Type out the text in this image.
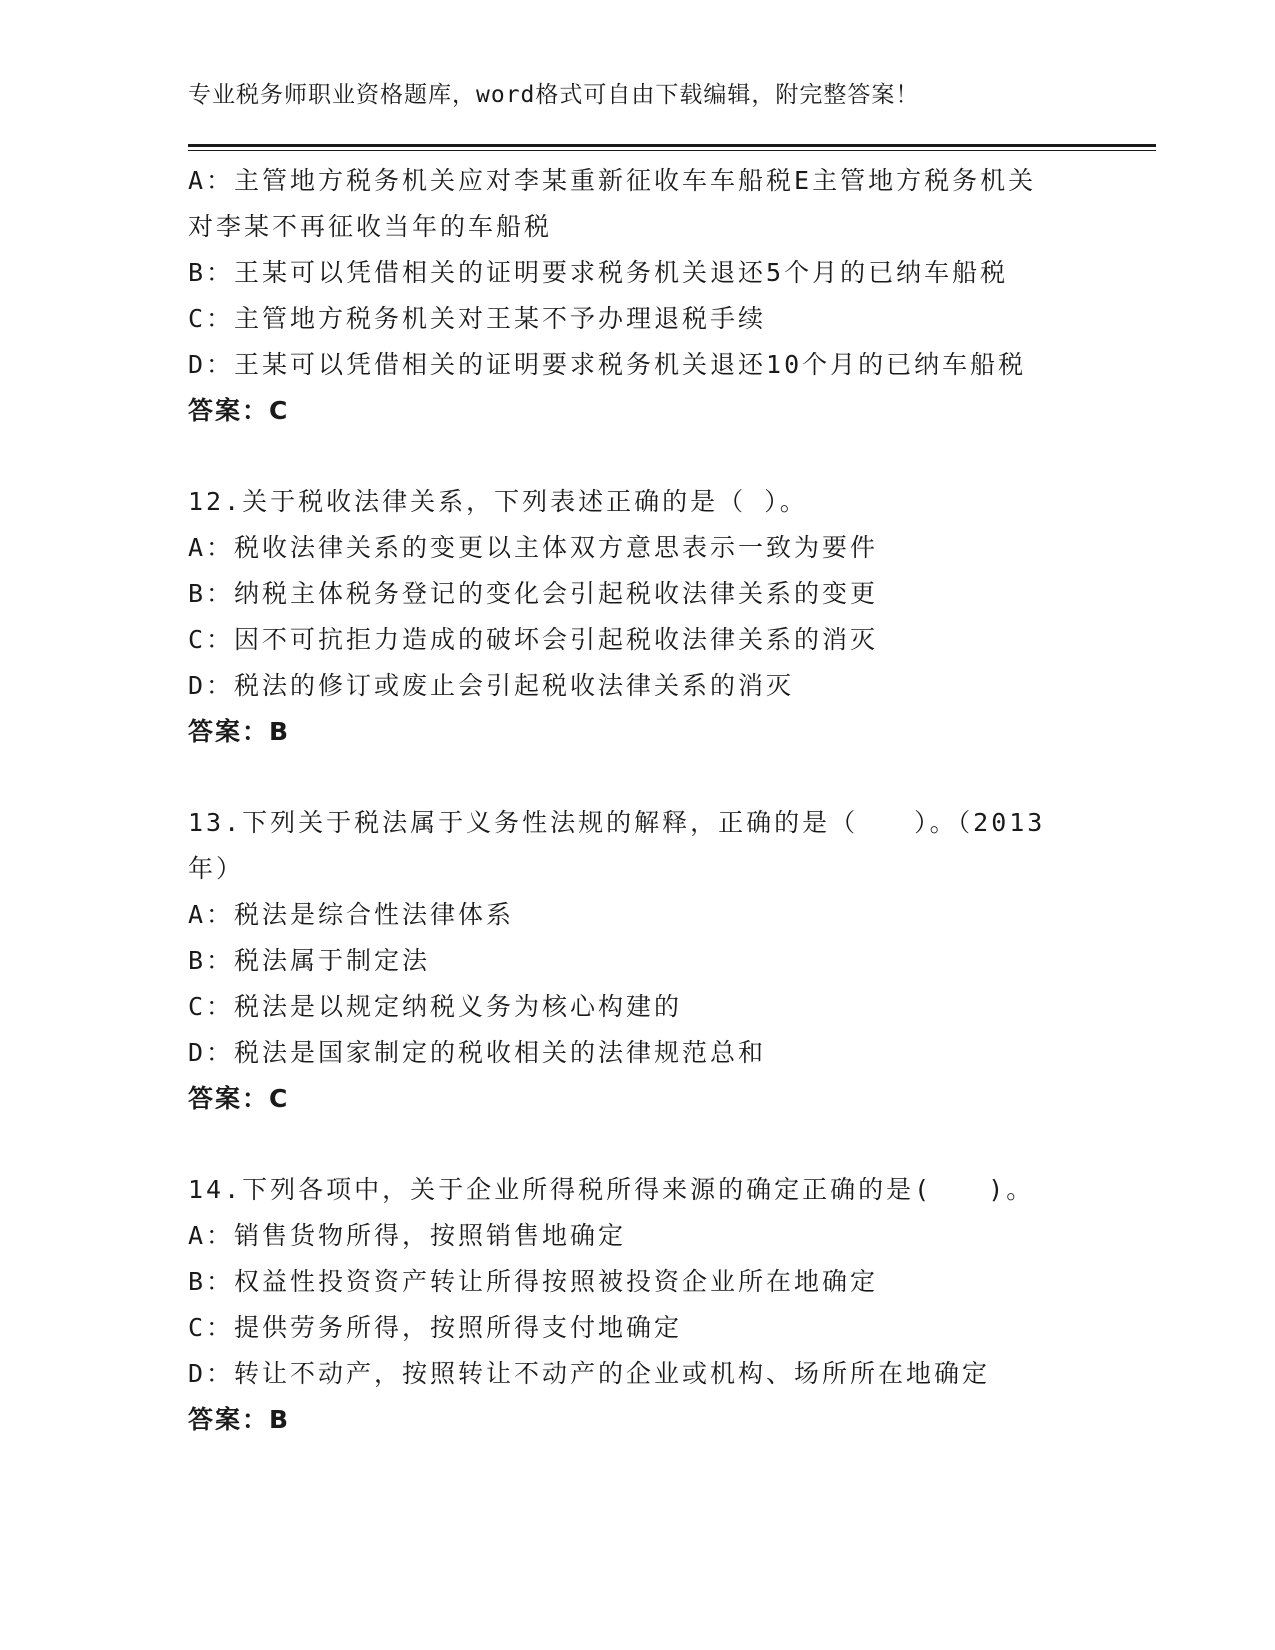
专业税务师职业资格题库，word格式可自由下载编辑，附完整答案！
A：主管地方税务机关应对李某重新征收车车船税E主管地方税务机关
对李某不再征收当年的车船税
B：王某可以凭借相关的证明要求税务机关退还5个月的已纳车船税
C：主管地方税务机关对王某不予办理退税手续
D：王某可以凭借相关的证明要求税务机关退还10个月的已纳车船税
答案：C
12.关于税收法律关系，下列表述正确的是（ ）。
A：税收法律关系的变更以主体双方意思表示一致为要件
B：纳税主体税务登记的变化会引起税收法律关系的变更
C：因不可抗拒力造成的破坏会引起税收法律关系的消灭
D：税法的修订或废止会引起税收法律关系的消灭
答案：B
13.下列关于税法属于义务性法规的解释，正确的是（　　）。（2013
年）
A：税法是综合性法律体系
B：税法属于制定法
C：税法是以规定纳税义务为核心构建的
D：税法是国家制定的税收相关的法律规范总和
答案：C
14.下列各项中，关于企业所得税所得来源的确定正确的是(　　)。
A：销售货物所得，按照销售地确定
B：权益性投资资产转让所得按照被投资企业所在地确定
C：提供劳务所得，按照所得支付地确定
D：转让不动产，按照转让不动产的企业或机构、场所所在地确定
答案：B
